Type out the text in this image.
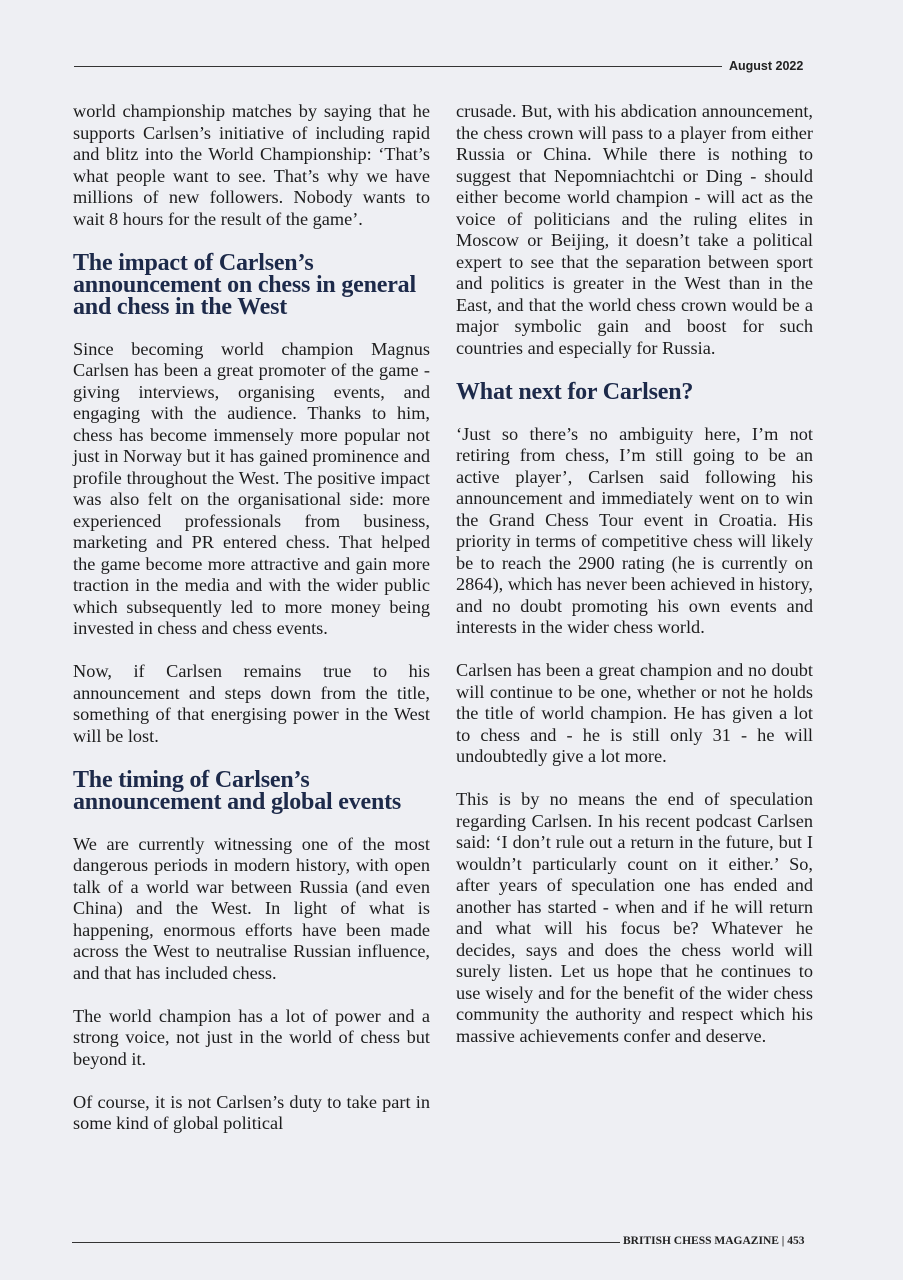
August 2022

world championship matches by saying that he supports Carlsen’s initiative of including rapid and blitz into the World Championship: ‘That’s what people want to see. That’s why we have millions of new followers. Nobody wants to wait 8 hours for the result of the game’.

The impact of Carlsen’s announcement on chess in general and chess in the West

Since becoming world champion Magnus Carlsen has been a great promoter of the game - giving interviews, organising events, and engaging with the audience. Thanks to him, chess has become immensely more popular not just in Norway but it has gained prominence and profile throughout the West. The positive impact was also felt on the organisational side: more experienced professionals from business, marketing and PR entered chess. That helped the game become more attractive and gain more traction in the media and with the wider public which subsequently led to more money being invested in chess and chess events.

Now, if Carlsen remains true to his announcement and steps down from the title, something of that energising power in the West will be lost.

The timing of Carlsen’s announcement and global events

We are currently witnessing one of the most dangerous periods in modern history, with open talk of a world war between Russia (and even China) and the West. In light of what is happening, enormous efforts have been made across the West to neutralise Russian influence, and that has included chess.

The world champion has a lot of power and a strong voice, not just in the world of chess but beyond it.

Of course, it is not Carlsen’s duty to take part in some kind of global political

crusade. But, with his abdication announcement, the chess crown will pass to a player from either Russia or China. While there is nothing to suggest that Nepomniachtchi or Ding - should either become world champion - will act as the voice of politicians and the ruling elites in Moscow or Beijing, it doesn’t take a political expert to see that the separation between sport and politics is greater in the West than in the East, and that the world chess crown would be a major symbolic gain and boost for such countries and especially for Russia.

What next for Carlsen?

‘Just so there’s no ambiguity here, I’m not retiring from chess, I’m still going to be an active player’, Carlsen said following his announcement and immediately went on to win the Grand Chess Tour event in Croatia. His priority in terms of competitive chess will likely be to reach the 2900 rating (he is currently on 2864), which has never been achieved in history, and no doubt promoting his own events and interests in the wider chess world.

Carlsen has been a great champion and no doubt will continue to be one, whether or not he holds the title of world champion. He has given a lot to chess and - he is still only 31 - he will undoubtedly give a lot more.

This is by no means the end of speculation regarding Carlsen. In his recent podcast Carlsen said: ‘I don’t rule out a return in the future, but I wouldn’t particularly count on it either.’ So, after years of speculation one has ended and another has started - when and if he will return and what will his focus be? Whatever he decides, says and does the chess world will surely listen. Let us hope that he continues to use wisely and for the benefit of the wider chess community the authority and respect which his massive achievements confer and deserve.

BRITISH CHESS MAGAZINE | 453
